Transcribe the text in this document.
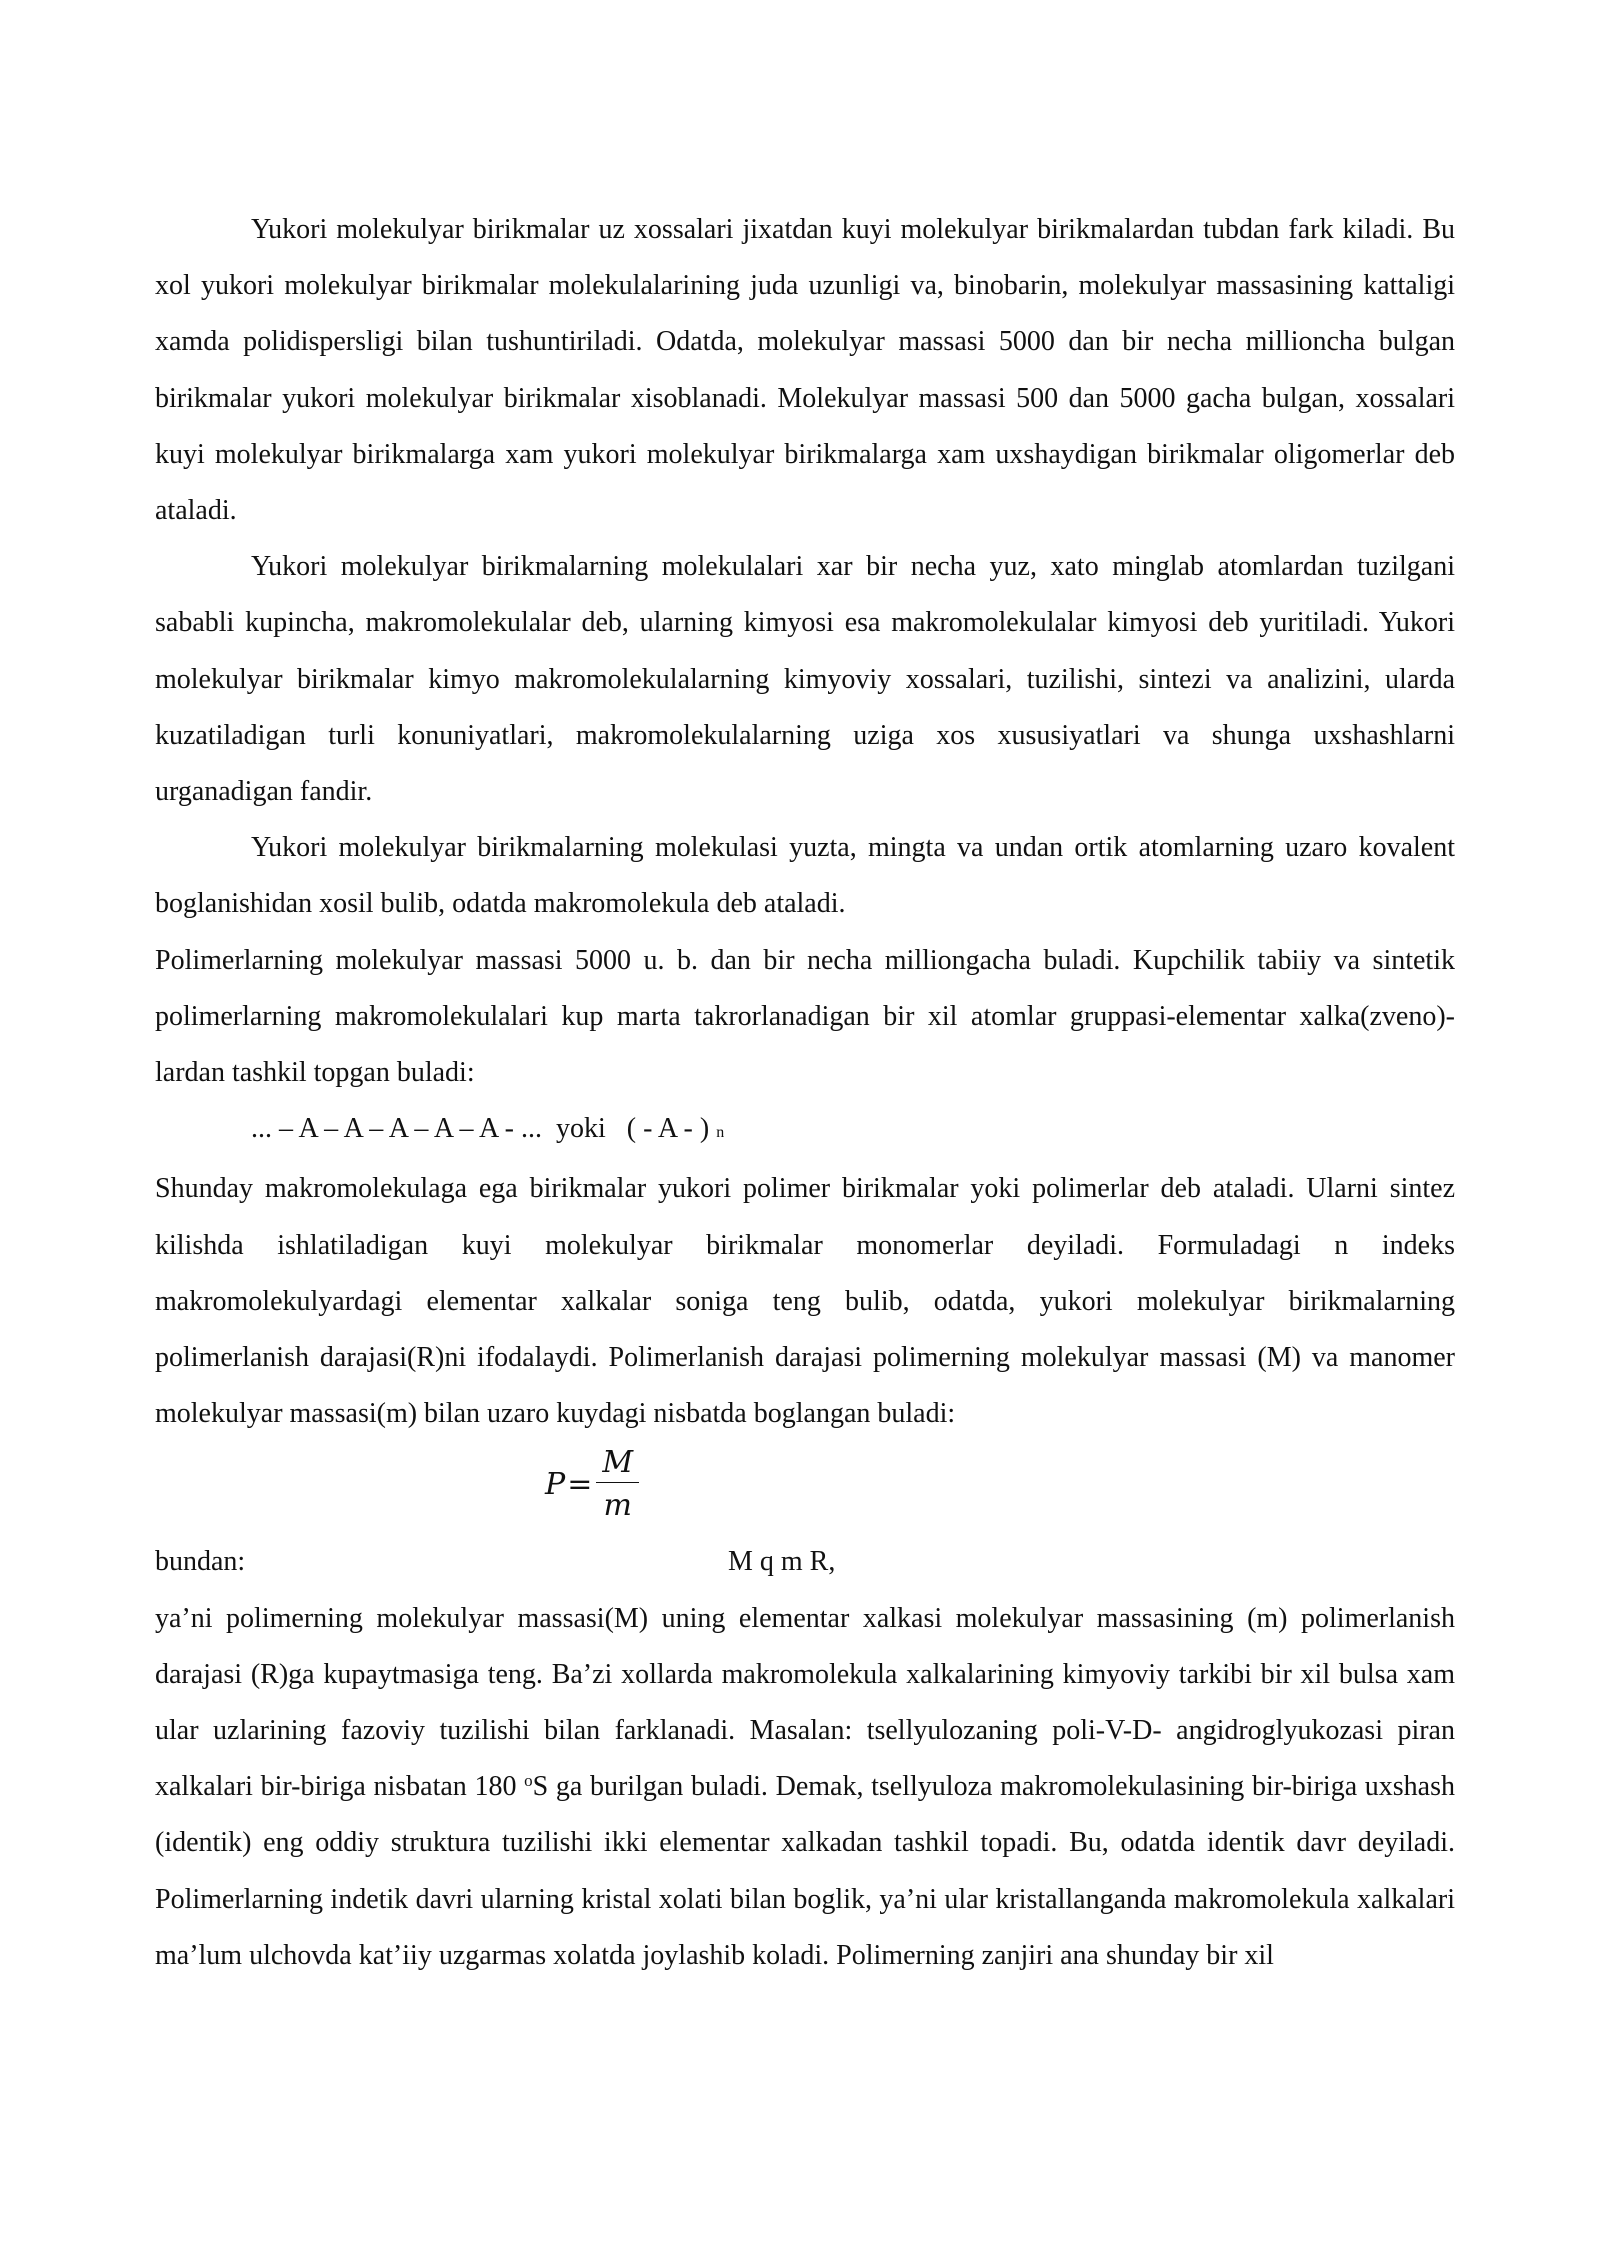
Yukori molekulyar birikmalar uz xossalari jixatdan kuyi molekulyar birikmalardan tubdan fark kiladi. Bu xol yukori molekulyar birikmalar molekulalarining juda uzunligi va, binobarin, molekulyar massasining kattaligi xamda polidispersligi bilan tushuntiriladi. Odatda, molekulyar massasi 5000 dan bir necha millioncha bulgan birikmalar yukori molekulyar birikmalar xisoblanadi. Molekulyar massasi 500 dan 5000 gacha bulgan, xossalari kuyi molekulyar birikmalarga xam yukori molekulyar birikmalarga xam uxshaydigan birikmalar oligomerlar deb ataladi.

Yukori molekulyar birikmalarning molekulalari xar bir necha yuz, xato minglab atomlardan tuzilgani sababli kupincha, makromolekulalar deb, ularning kimyosi esa makromolekulalar kimyosi deb yuritiladi. Yukori molekulyar birikmalar kimyo makromolekulalarning kimyoviy xossalari, tuzilishi, sintezi va analizini, ularda kuzatiladigan turli konuniyatlari, makromolekulalarning uziga xos xususiyatlari va shunga uxshashlarni urganadigan fandir.

Yukori molekulyar birikmalarning molekulasi yuzta, mingta va undan ortik atomlarning uzaro kovalent boglanishidan xosil bulib, odatda makromolekula deb ataladi.

Polimerlarning molekulyar massasi 5000 u. b. dan bir necha milliongacha buladi. Kupchilik tabiiy va sintetik polimerlarning makromolekulalari kup marta takrorlanadigan bir xil atomlar gruppasi-elementar xalka(zveno)-lardan tashkil topgan buladi:

... – A – A – A – A – A - ...  yoki   ( - A - ) n

Shunday makromolekulaga ega birikmalar yukori polimer birikmalar yoki polimerlar deb ataladi. Ularni sintez kilishda ishlatiladigan kuyi molekulyar birikmalar monomerlar deyiladi. Formuladagi n indeks makromolekulyardagi elementar xalkalar soniga teng bulib, odatda, yukori molekulyar birikmalarning polimerlanish darajasi(R)ni ifodalaydi. Polimerlanish darajasi polimerning molekulyar massasi (M) va manomer molekulyar massasi(m) bilan uzaro kuydagi nisbatda boglangan buladi:

$P = \frac{M}{m}$
bundan:	M q m R,

ya’ni polimerning molekulyar massasi(M) uning elementar xalkasi molekulyar massasining (m) polimerlanish darajasi (R)ga kupaytmasiga teng. Ba’zi xollarda makromolekula xalkalarining kimyoviy tarkibi bir xil bulsa xam ular uzlarining fazoviy tuzilishi bilan farklanadi. Masalan: tsellyulozaning poli-V-D- angidroglyukozasi piran xalkalari bir-biriga nisbatan 180 $^o$S ga burilgan buladi. Demak, tsellyuloza makromolekulasining bir-biriga uxshash (identik) eng oddiy struktura tuzilishi ikki elementar xalkadan tashkil topadi. Bu, odatda identik davr deyiladi. Polimerlarning indetik davri ularning kristal xolati bilan boglik, ya’ni ular kristallanganda makromolekula xalkalari ma’lum ulchovda kat’iiy uzgarmas xolatda joylashib koladi. Polimerning zanjiri ana shunday bir xil
